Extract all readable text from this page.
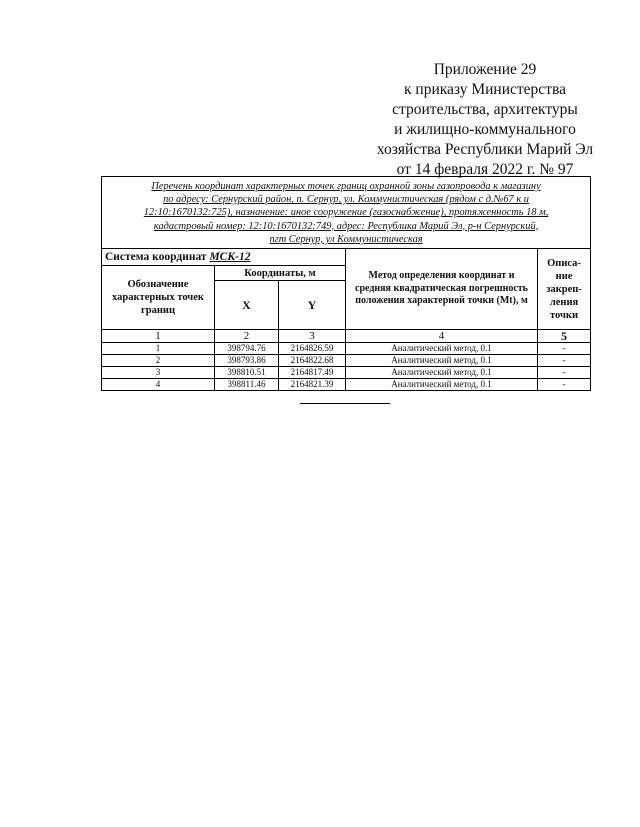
Приложение 29
к приказу Министерства
строительства, архитектуры
и жилищно-коммунального
хозяйства Республики Марий Эл
от 14 февраля 2022 г. № 97
Перечень координат характерных точек границ охранной зоны газопровода к магазину
по адресу: Сернурский район, п. Сернур, ул. Коммунистическая (рядом с д.№67 к и
12:10:1670132:725), назначение: иное сооружение (газоснабжение), протяженность 18 м,
кадастровый номер: 12:10:1670132:749, адрес: Республика Марий Эл, р-н Сернурский,
пгт Сернур, ул Коммунистическая				

Система координат МСК-12			Метод определения координат и средняя квадратическая погрешность положения характерной точки (Mt), м	Описа-ние закреп-ления точки
Обозначение характерных точек границ	Координаты, м			
	X	Y		
1	2	3	4	5
1	398794.76	2164826.59	Аналитический метод, 0.1	-
2	398793.86	2164822.68	Аналитический метод, 0.1	-
3	398810.51	2164817.49	Аналитический метод, 0.1	-
4	398811.46	2164821.39	Аналитический метод, 0.1	-
